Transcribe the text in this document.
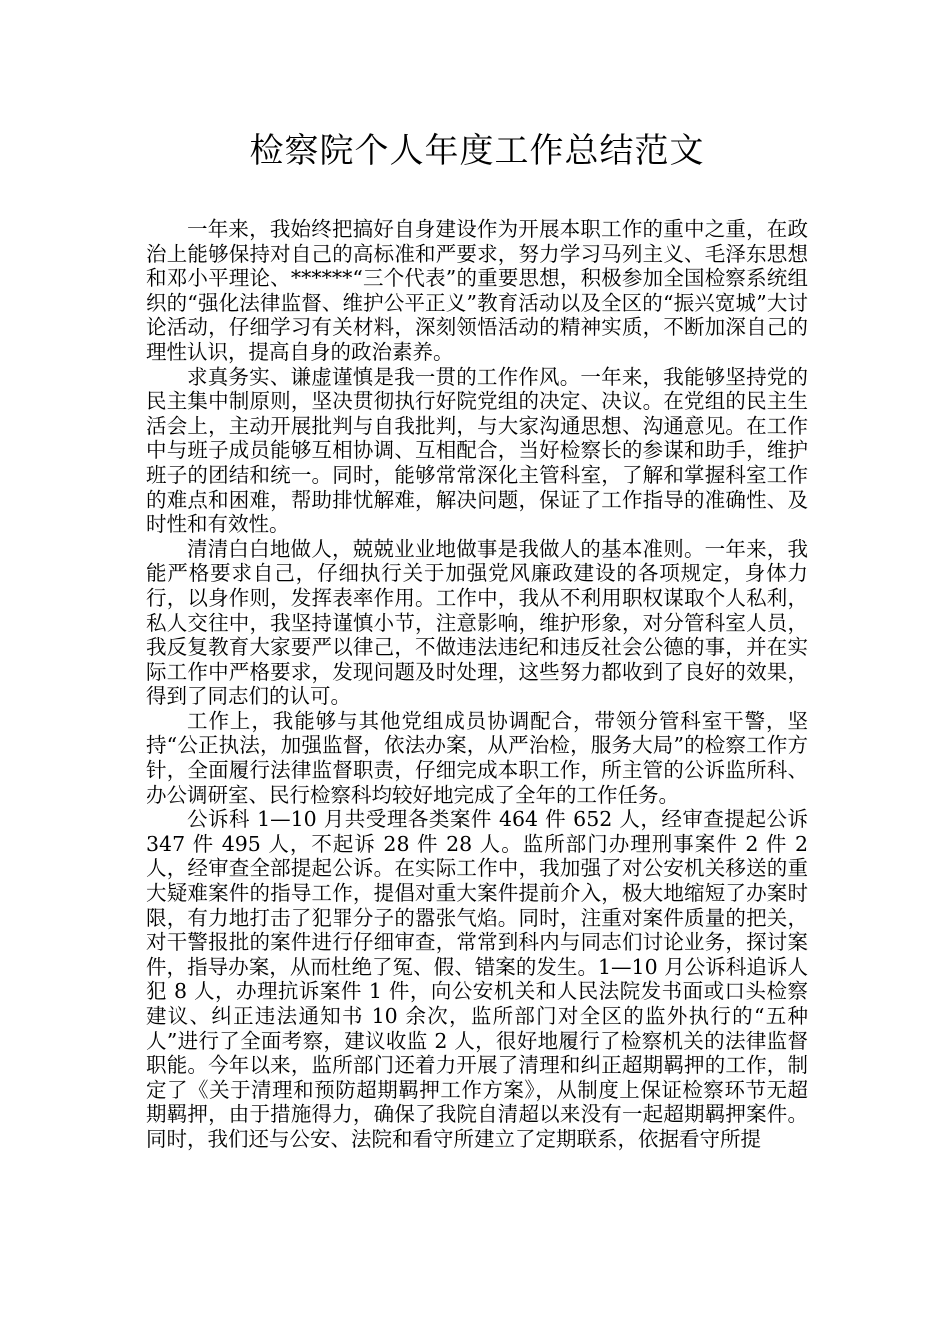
检察院个人年度工作总结范文

一年来，我始终把搞好自身建设作为开展本职工作的重中之重，在政治上能够保持对自己的高标准和严要求，努力学习马列主义、毛泽东思想和邓小平理论、******“三个代表”的重要思想，积极参加全国检察系统组织的“强化法律监督、维护公平正义”教育活动以及全区的“振兴宽城”大讨论活动，仔细学习有关材料，深刻领悟活动的精神实质，不断加深自己的理性认识，提高自身的政治素养。

求真务实、谦虚谨慎是我一贯的工作作风。一年来，我能够坚持党的民主集中制原则，坚决贯彻执行好院党组的决定、决议。在党组的民主生活会上，主动开展批判与自我批判，与大家沟通思想、沟通意见。在工作中与班子成员能够互相协调、互相配合，当好检察长的参谋和助手，维护班子的团结和统一。同时，能够常常深化主管科室，了解和掌握科室工作的难点和困难，帮助排忧解难，解决问题，保证了工作指导的准确性、及时性和有效性。

清清白白地做人，兢兢业业地做事是我做人的基本准则。一年来，我能严格要求自己，仔细执行关于加强党风廉政建设的各项规定，身体力行，以身作则，发挥表率作用。工作中，我从不利用职权谋取个人私利，私人交往中，我坚持谨慎小节，注意影响，维护形象，对分管科室人员，我反复教育大家要严以律己，不做违法违纪和违反社会公德的事，并在实际工作中严格要求，发现问题及时处理，这些努力都收到了良好的效果，得到了同志们的认可。

工作上，我能够与其他党组成员协调配合，带领分管科室干警，坚持“公正执法，加强监督，依法办案，从严治检，服务大局”的检察工作方针，全面履行法律监督职责，仔细完成本职工作，所主管的公诉监所科、办公调研室、民行检察科均较好地完成了全年的工作任务。

公诉科 1—10 月共受理各类案件 464 件 652 人，经审查提起公诉 347 件 495 人，不起诉 28 件 28 人。监所部门办理刑事案件 2 件 2 人，经审查全部提起公诉。在实际工作中，我加强了对公安机关移送的重大疑难案件的指导工作，提倡对重大案件提前介入，极大地缩短了办案时限，有力地打击了犯罪分子的嚣张气焰。同时，注重对案件质量的把关，对干警报批的案件进行仔细审查，常常到科内与同志们讨论业务，探讨案件，指导办案，从而杜绝了冤、假、错案的发生。1—10 月公诉科追诉人犯 8 人，办理抗诉案件 1 件，向公安机关和人民法院发书面或口头检察建议、纠正违法通知书 10 余次，监所部门对全区的监外执行的“五种人”进行了全面考察，建议收监 2 人，很好地履行了检察机关的法律监督职能。今年以来，监所部门还着力开展了清理和纠正超期羁押的工作，制定了《关于清理和预防超期羁押工作方案》，从制度上保证检察环节无超期羁押，由于措施得力，确保了我院自清超以来没有一起超期羁押案件。同时，我们还与公安、法院和看守所建立了定期联系，依据看守所提
